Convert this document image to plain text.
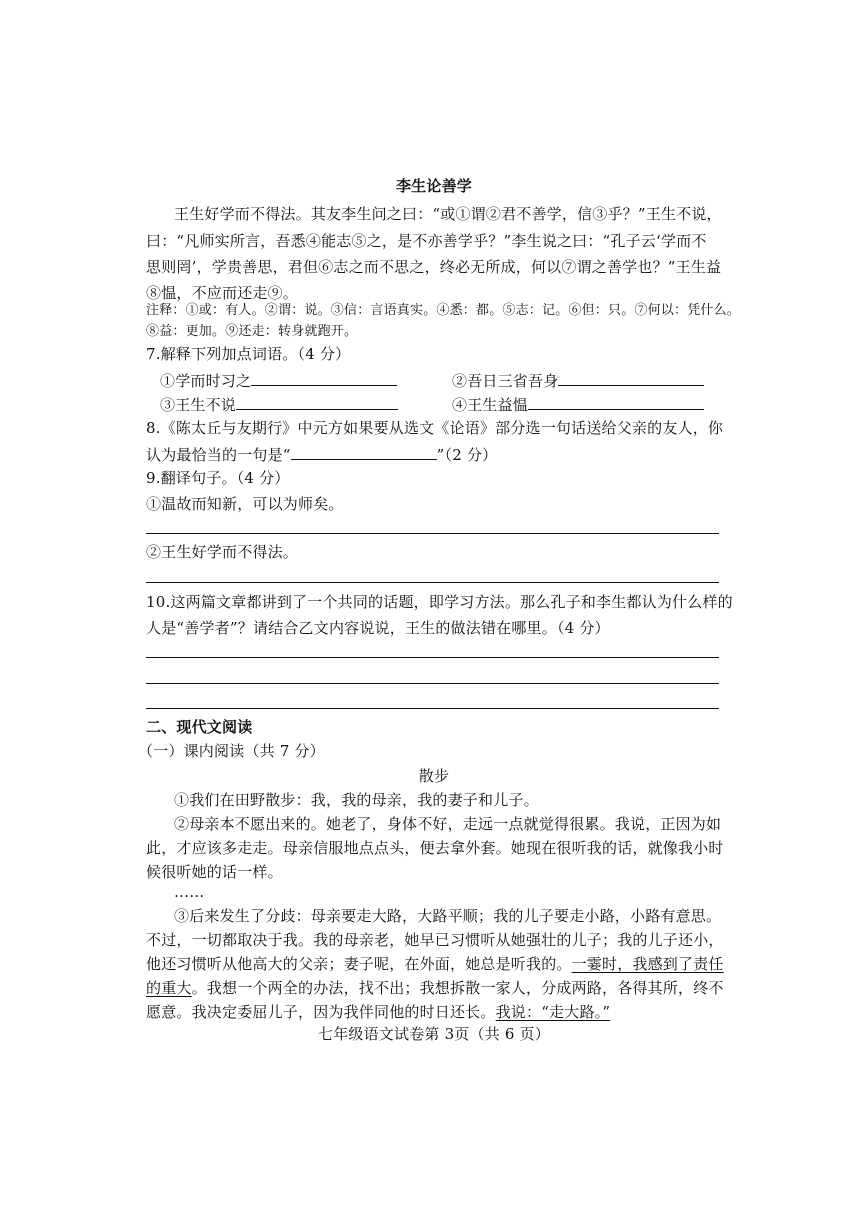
李生论善学
王生好学而不得法。其友李生问之曰：“或①谓②君不善学，信③乎？”王生不说，
曰：“凡师实所言，吾悉④能志⑤之，是不亦善学乎？”李生说之曰：“孔子云‘学而不
思则罔’，学贵善思，君但⑥志之而不思之，终必无所成，何以⑦谓之善学也？”王生益
⑧愠，不应而还走⑨。
注释：①或：有人。②谓：说。③信：言语真实。④悉：都。⑤志：记。⑥但：只。⑦何以：凭什么。
⑧益：更加。⑨还走：转身就跑开。
7.解释下列加点词语。（4 分）
①学而时习之	②吾日三省吾身
③王生不说	④王生益愠
8.《陈太丘与友期行》中元方如果要从选文《论语》部分选一句话送给父亲的友人，你
认为最恰当的一句是“	”（2 分）
9.翻译句子。（4 分）
①温故而知新，可以为师矣。
②王生好学而不得法。
10.这两篇文章都讲到了一个共同的话题，即学习方法。那么孔子和李生都认为什么样的
人是“善学者”？请结合乙文内容说说，王生的做法错在哪里。（4 分）
二、现代文阅读
（一）课内阅读（共 7 分）
散步
①我们在田野散步：我，我的母亲，我的妻子和儿子。
②母亲本不愿出来的。她老了，身体不好，走远一点就觉得很累。我说，正因为如
此，才应该多走走。母亲信服地点点头，便去拿外套。她现在很听我的话，就像我小时
候很听她的话一样。
……
③后来发生了分歧：母亲要走大路，大路平顺；我的儿子要走小路，小路有意思。
不过，一切都取决于我。我的母亲老，她早已习惯听从她强壮的儿子；我的儿子还小，
他还习惯听从他高大的父亲；妻子呢，在外面，她总是听我的。一霎时，我感到了责任
的重大。我想一个两全的办法，找不出；我想拆散一家人，分成两路，各得其所，终不
愿意。我决定委屈儿子，因为我伴同他的时日还长。我说：“走大路。”
七年级语文试卷第 3页（共 6 页）
